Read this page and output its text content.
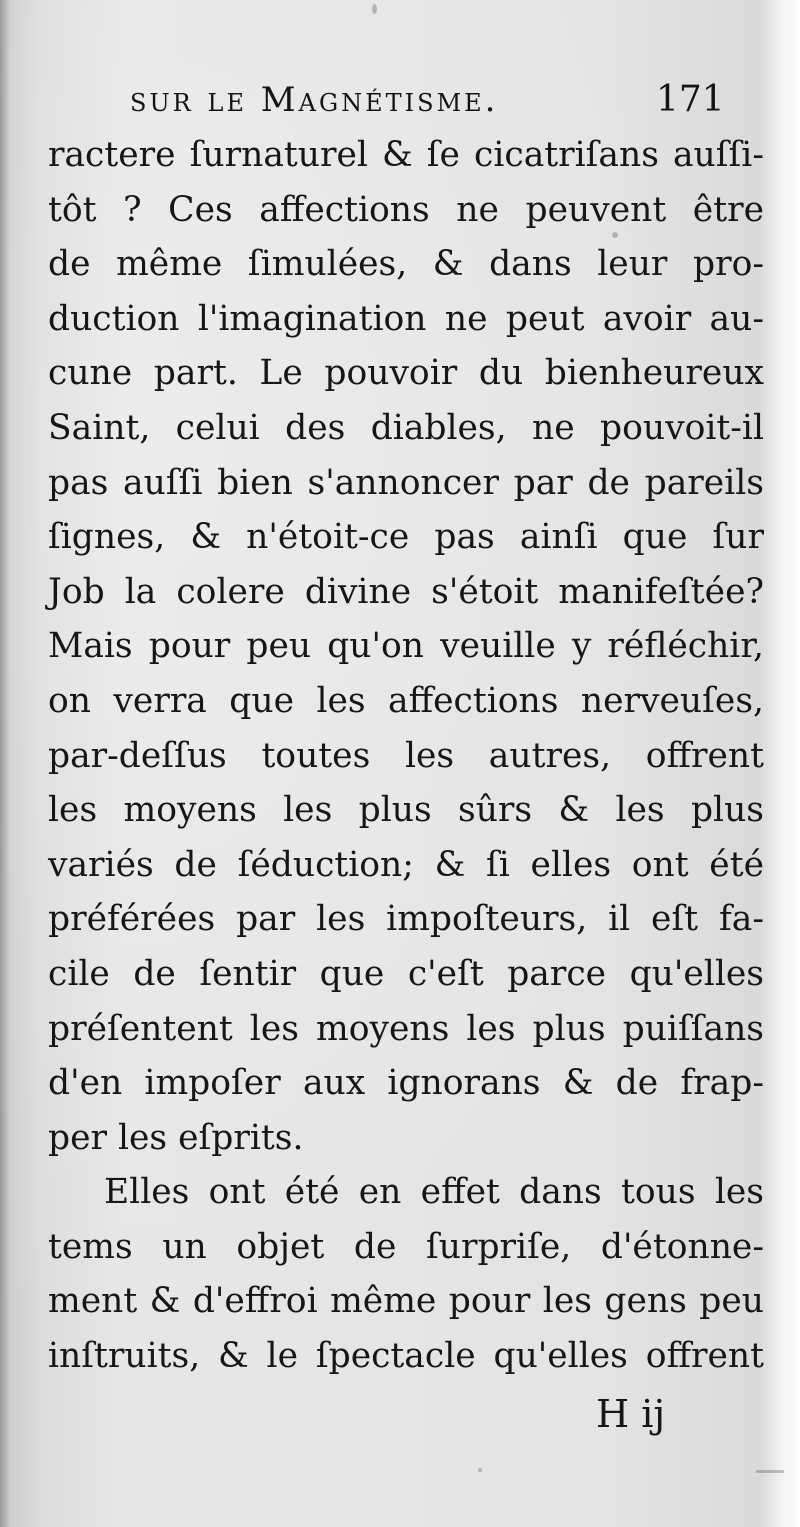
sur le Magnétisme.	171
ractere ſurnaturel & ſe cicatriſans auſſi-
tôt ? Ces affections ne peuvent être
de même ſimulées, & dans leur pro-
duction l'imagination ne peut avoir au-
cune part. Le pouvoir du bienheureux
Saint, celui des diables, ne pouvoit-il
pas auſſi bien s'annoncer par de pareils
ſignes, & n'étoit-ce pas ainſi que ſur
Job la colere divine s'étoit manifeſtée?
Mais pour peu qu'on veuille y réfléchir,
on verra que les affections nerveuſes,
par-deſſus toutes les autres, offrent
les moyens les plus sûrs & les plus
variés de ſéduction; & ſi elles ont été
préférées par les impoſteurs, il eſt fa-
cile de ſentir que c'eſt parce qu'elles
préſentent les moyens les plus puiſſans
d'en impoſer aux ignorans & de frap-
per les eſprits.
Elles ont été en effet dans tous les
tems un objet de ſurpriſe, d'étonne-
ment & d'effroi même pour les gens peu
inſtruits, & le ſpectacle qu'elles offrent
H ij
